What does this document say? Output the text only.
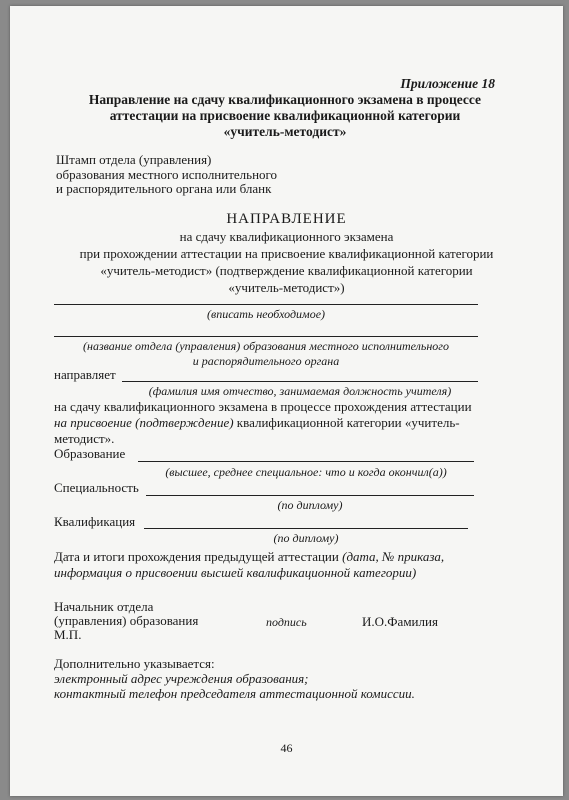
Приложение 18
Направление на сдачу квалификационного экзамена в процессе
аттестации на присвоение квалификационной категории
«учитель-методист»
Штамп отдела (управления)
образования местного исполнительного
и распорядительного органа или бланк
НАПРАВЛЕНИЕ
на сдачу квалификационного экзамена
при прохождении аттестации на присвоение квалификационной категории
«учитель-методист» (подтверждение квалификационной категории
«учитель-методист»)
(вписать необходимое)
(название отдела (управления) образования местного исполнительного
и распорядительного органа
направляет
(фамилия имя отчество, занимаемая должность учителя)
на сдачу квалификационного экзамена в процессе прохождения аттестации
на присвоение (подтверждение) квалификационной категории «учитель-
методист».
Образование
(высшее, среднее специальное: что и когда окончил(а))
Специальность
(по диплому)
Квалификация
(по диплому)
Дата и итоги прохождения предыдущей аттестации (дата, № приказа,
информация о присвоении высшей квалификационной категории)
Начальник отдела
(управления) образования
М.П.
подпись	И.О.Фамилия
Дополнительно указывается:
электронный адрес учреждения образования;
контактный телефон председателя аттестационной комиссии.
46
